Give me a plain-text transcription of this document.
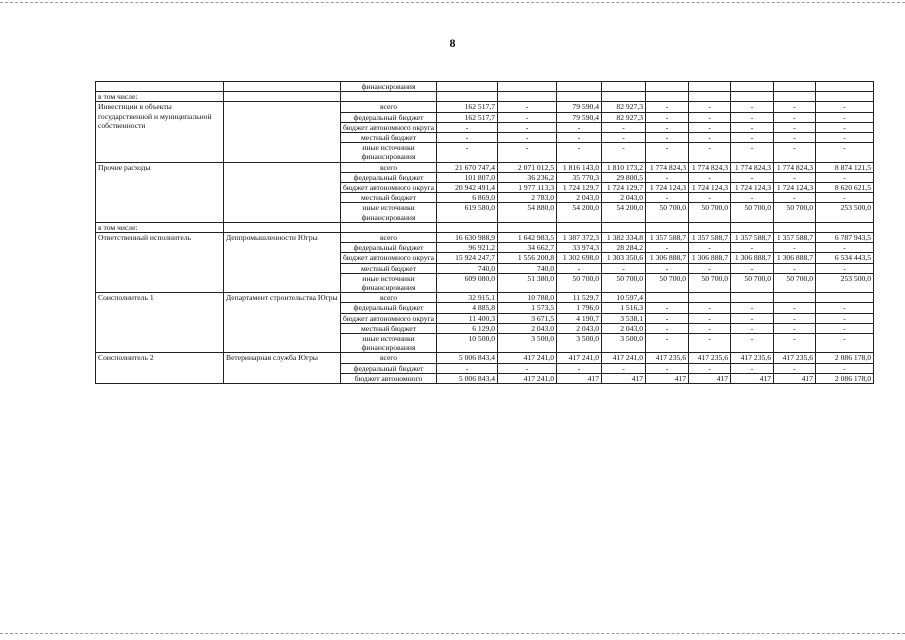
8
		финансирования									
в том числе:											
Инвестиции в объекты государственной и муниципальной собственности		всего	162 517,7	-	79 590,4	82 927,3	-	-	-	-	-
		федеральный бюджет	162 517,7	-	79 590,4	82 927,3	-	-	-	-	-
		бюджет автономного округа	-	-	-	-	-	-	-	-	-
		местный бюджет	-	-	-	-	-	-	-	-	-
		иные источники финансирования	-	-	-	-	-	-	-	-	-
Прочие расходы		всего	21 670 747,4	2 071 012,5	1 816 143,0	1 810 173,2	1 774 824,3	1 774 824,3	1 774 824,3	1 774 824,3	8 874 121,5
		федеральный бюджет	101 807,0	36 236,2	35 770,3	29 800,5	-	-	-	-	-
		бюджет автономного округа	20 942 491,4	1 977 113,3	1 724 129,7	1 724 129,7	1 724 124,3	1 724 124,3	1 724 124,3	1 724 124,3	8 620 621,5
		местный бюджет	6 869,0	2 783,0	2 043,0	2 043,0	-	-	-	-	-
		иные источники финансирования	619 580,0	54 880,0	54 200,0	54 200,0	50 700,0	50 700,0	50 700,0	50 700,0	253 500,0
в том числе:											
Ответственный исполнитель	Деппромышленности Югры	всего	16 630 988,9	1 642 983,5	1 387 372,3	1 382 334,8	1 357 588,7	1 357 588,7	1 357 588,7	1 357 588,7	6 787 943,5
		федеральный бюджет	96 921,2	34 662,7	33 974,3	28 284,2	-	-	-	-	-
		бюджет автономного округа	15 924 247,7	1 556 200,8	1 302 698,0	1 303 350,6	1 306 888,7	1 306 888,7	1 306 888,7	1 306 888,7	6 534 443,5
		местный бюджет	740,0	740,0	-	-	-	-	-	-	-
		иные источники финансирования	609 080,0	51 380,0	50 700,0	50 700,0	50 700,0	50 700,0	50 700,0	50 700,0	253 500,0
Соисполнитель 1	Департамент строительства Югры	всего	32 915,1	10 788,0	11 529,7	10 597,4					
		федеральный бюджет	4 885,8	1 573,5	1 796,0	1 516,3	-	-	-	-	-
		бюджет автономного округа	11 400,3	3 671,5	4 190,7	3 538,1	-	-	-	-	-
		местный бюджет	6 129,0	2 043,0	2 043,0	2 043,0	-	-	-	-	-
		иные источники финансирования	10 500,0	3 500,0	3 500,0	3 500,0	-	-	-	-	-
Соисполнитель 2	Ветеринарная служба Югры	всего	5 006 843,4	417 241,0	417 241,0	417 241,0	417 235,6	417 235,6	417 235,6	417 235,6	2 086 178,0
		федеральный бюджет	-	-	-	-	-	-	-	-	-
		бюджет автономного	5 006 843,4	417 241,0	417	417	417	417	417	417	2 086 178,0
